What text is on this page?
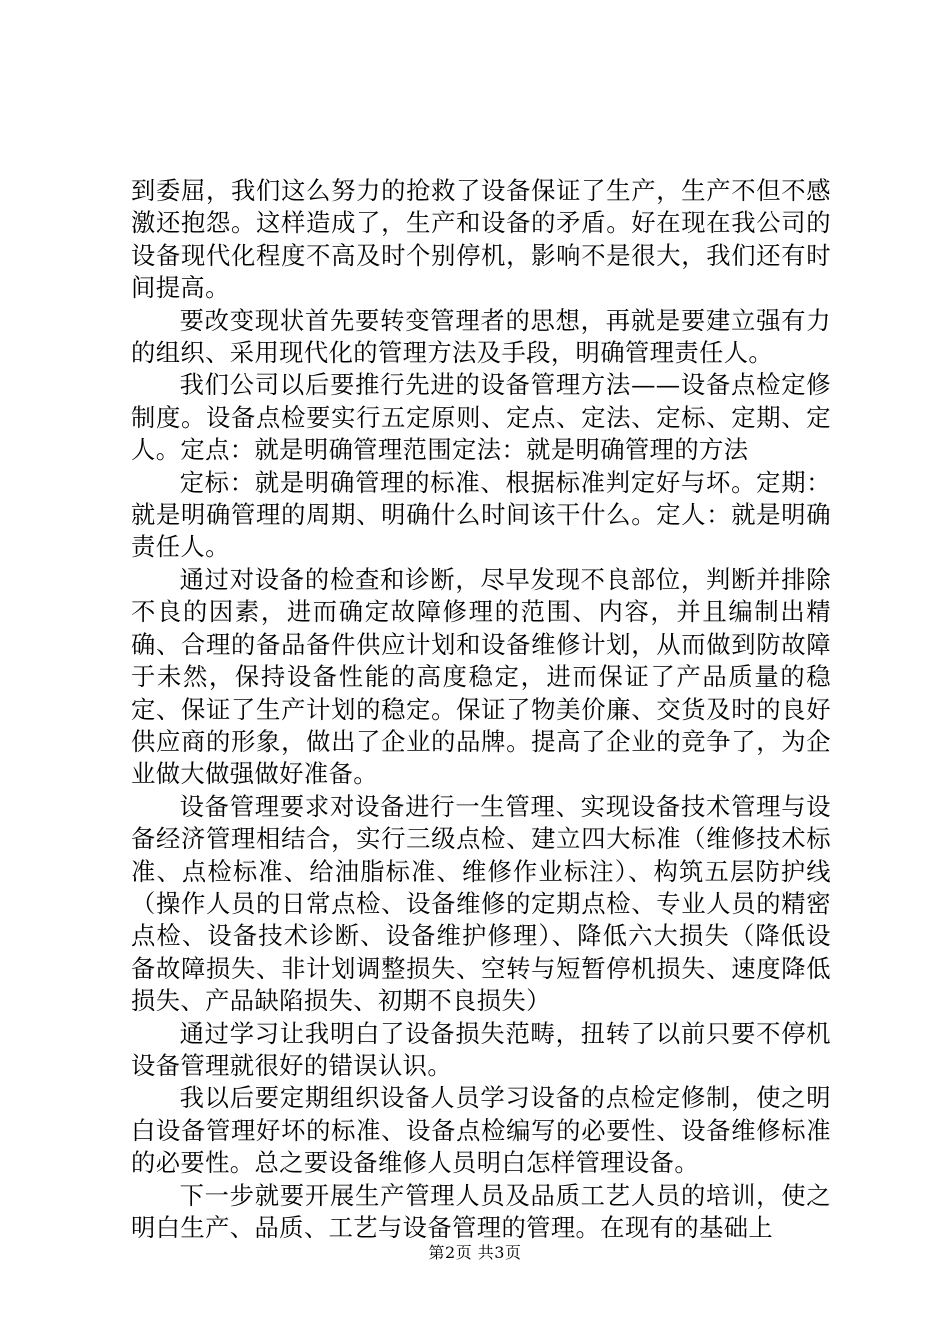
到委屈，我们这么努力的抢救了设备保证了生产，生产不但不感激还抱怨。这样造成了，生产和设备的矛盾。好在现在我公司的设备现代化程度不高及时个别停机，影响不是很大，我们还有时间提高。

要改变现状首先要转变管理者的思想，再就是要建立强有力的组织、采用现代化的管理方法及手段，明确管理责任人。

我们公司以后要推行先进的设备管理方法——设备点检定修制度。设备点检要实行五定原则、定点、定法、定标、定期、定人。定点：就是明确管理范围定法：就是明确管理的方法

定标：就是明确管理的标准、根据标准判定好与坏。定期：就是明确管理的周期、明确什么时间该干什么。定人：就是明确责任人。

通过对设备的检查和诊断，尽早发现不良部位，判断并排除不良的因素，进而确定故障修理的范围、内容，并且编制出精确、合理的备品备件供应计划和设备维修计划，从而做到防故障于未然，保持设备性能的高度稳定，进而保证了产品质量的稳定、保证了生产计划的稳定。保证了物美价廉、交货及时的良好供应商的形象，做出了企业的品牌。提高了企业的竞争了，为企业做大做强做好准备。

设备管理要求对设备进行一生管理、实现设备技术管理与设备经济管理相结合，实行三级点检、建立四大标准（维修技术标准、点检标准、给油脂标准、维修作业标注）、构筑五层防护线（操作人员的日常点检、设备维修的定期点检、专业人员的精密点检、设备技术诊断、设备维护修理）、降低六大损失（降低设备故障损失、非计划调整损失、空转与短暂停机损失、速度降低损失、产品缺陷损失、初期不良损失）

通过学习让我明白了设备损失范畴，扭转了以前只要不停机设备管理就很好的错误认识。

我以后要定期组织设备人员学习设备的点检定修制，使之明白设备管理好坏的标准、设备点检编写的必要性、设备维修标准的必要性。总之要设备维修人员明白怎样管理设备。

下一步就要开展生产管理人员及品质工艺人员的培训，使之明白生产、品质、工艺与设备管理的管理。在现有的基础上

第2页 共3页
